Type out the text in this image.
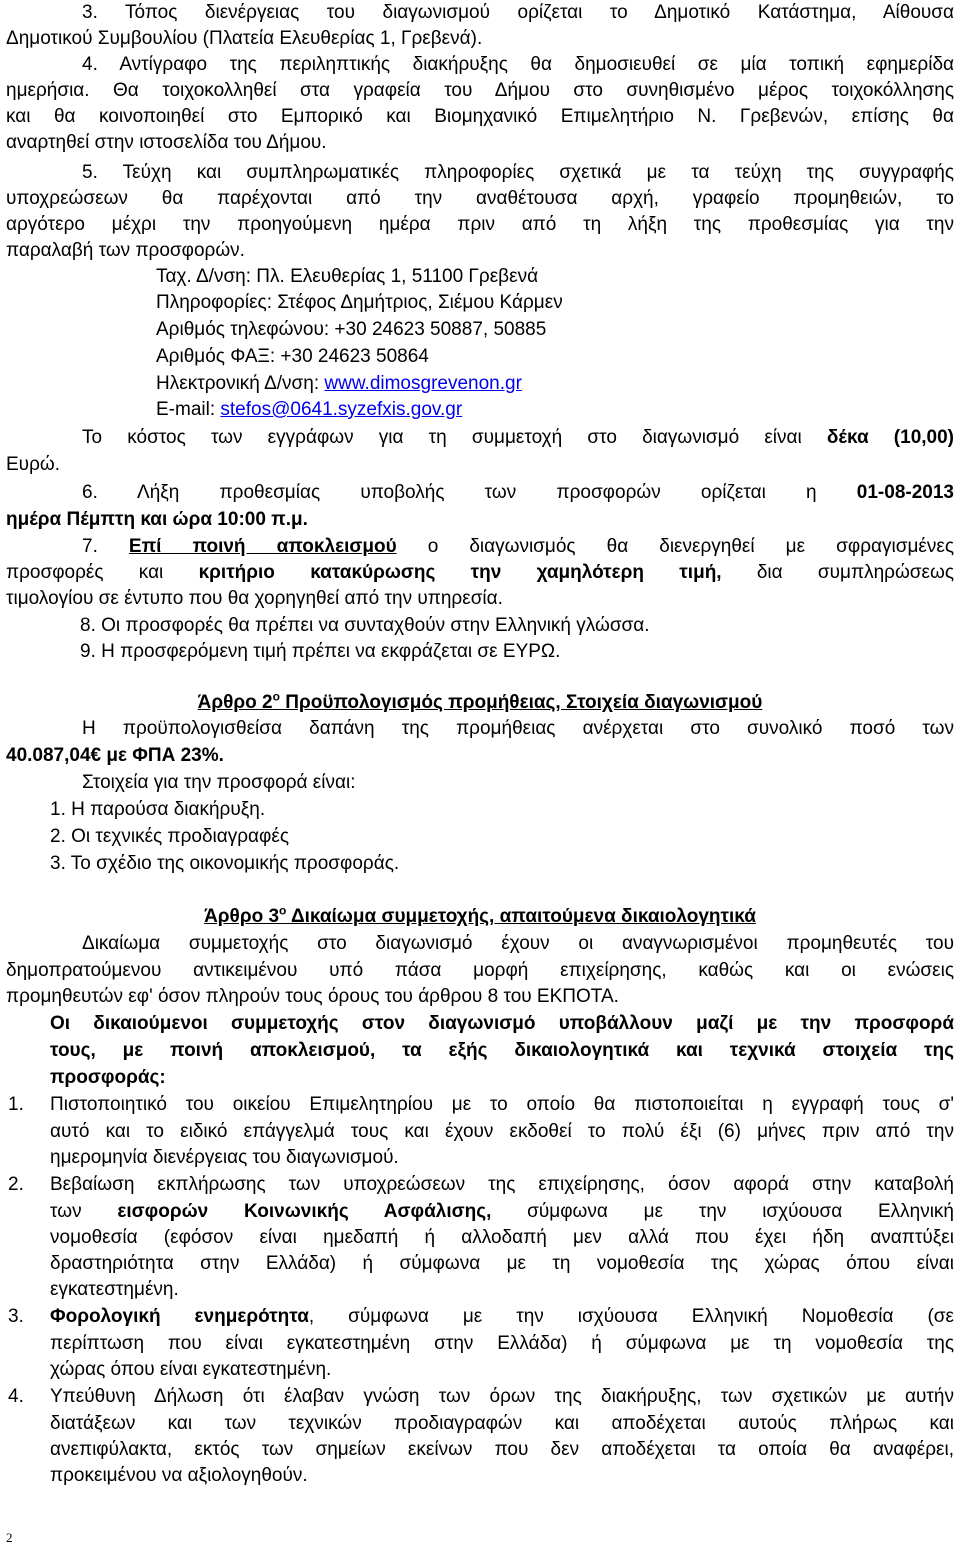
3. Τόπος διενέργειας του διαγωνισμού ορίζεται το Δημοτικό Κατάστημα, Αίθουσα
Δημοτικού Συμβουλίου (Πλατεία Ελευθερίας 1, Γρεβενά).
4. Αντίγραφο της περιληπτικής διακήρυξης θα δημοσιευθεί σε μία τοπική εφημερίδα
ημερήσια. Θα τοιχοκολληθεί στα γραφεία του Δήμου στο συνηθισμένο μέρος τοιχοκόλλησης
και θα κοινοποιηθεί στο Εμπορικό και Βιομηχανικό Επιμελητήριο Ν. Γρεβενών, επίσης θα
αναρτηθεί στην ιστοσελίδα του Δήμου.
5. Τεύχη και συμπληρωματικές πληροφορίες σχετικά με τα τεύχη της συγγραφής
υποχρεώσεων θα παρέχονται από την αναθέτουσα αρχή, γραφείο προμηθειών, το
αργότερο μέχρι την προηγούμενη ημέρα πριν από τη λήξη της προθεσμίας για την
παραλαβή των προσφορών.
Ταχ. Δ/νση: Πλ. Ελευθερίας 1, 51100 Γρεβενά
Πληροφορίες: Στέφος Δημήτριος, Σιέμου Κάρμεν
Αριθμός τηλεφώνου: +30 24623 50887, 50885
Αριθμός ΦΑΞ: +30 24623 50864
Ηλεκτρονική Δ/νση: www.dimosgrevenon.gr
E-mail: stefos@0641.syzefxis.gov.gr
Το κόστος των εγγράφων για τη συμμετοχή στο διαγωνισμό είναι δέκα (10,00)
Ευρώ.
6. Λήξη προθεσμίας υποβολής των προσφορών ορίζεται η 01-08-2013
ημέρα Πέμπτη και ώρα 10:00 π.μ.
7. Επί ποινή αποκλεισμού ο διαγωνισμός θα διενεργηθεί με σφραγισμένες
προσφορές και κριτήριο κατακύρωσης την χαμηλότερη τιμή, δια συμπληρώσεως
τιμολογίου σε έντυπο που θα χορηγηθεί από την υπηρεσία.
8. Οι προσφορές θα πρέπει να συνταχθούν στην Ελληνική γλώσσα.
9. Η προσφερόμενη τιμή πρέπει να εκφράζεται σε ΕΥΡΩ.
Άρθρο $2^o$ Προϋπολογισμός προμήθειας, Στοιχεία διαγωνισμού
Η προϋπολογισθείσα δαπάνη της προμήθειας ανέρχεται στο συνολικό ποσό των
40.087,04€ με ΦΠΑ 23%.
Στοιχεία για την προσφορά είναι:
1. Η παρούσα διακήρυξη.
2. Οι τεχνικές προδιαγραφές
3. Το σχέδιο της οικονομικής προσφοράς.
Άρθρο $3^o$ Δικαίωμα συμμετοχής, απαιτούμενα δικαιολογητικά
Δικαίωμα συμμετοχής στο διαγωνισμό έχουν οι αναγνωρισμένοι προμηθευτές του
δημοπρατούμενου αντικειμένου υπό πάσα μορφή επιχείρησης, καθώς και οι ενώσεις
προμηθευτών εφ' όσον πληρούν τους όρους του άρθρου 8 του ΕΚΠΟΤΑ.
Οι δικαιούμενοι συμμετοχής στον διαγωνισμό υποβάλλουν μαζί με την προσφορά
τους, με ποινή αποκλεισμού, τα εξής δικαιολογητικά και τεχνικά στοιχεία της
προσφοράς:
1. Πιστοποιητικό του οικείου Επιμελητηρίου με το οποίο θα πιστοποιείται η εγγραφή τους σ'
αυτό και το ειδικό επάγγελμά τους και έχουν εκδοθεί το πολύ έξι (6) μήνες πριν από την
ημερομηνία διενέργειας του διαγωνισμού.
2. Βεβαίωση εκπλήρωσης των υποχρεώσεων της επιχείρησης, όσον αφορά στην καταβολή
των εισφορών Κοινωνικής Ασφάλισης, σύμφωνα με την ισχύουσα Ελληνική
νομοθεσία (εφόσον είναι ημεδαπή ή αλλοδαπή μεν αλλά που έχει ήδη αναπτύξει
δραστηριότητα στην Ελλάδα) ή σύμφωνα με τη νομοθεσία της χώρας όπου είναι
εγκατεστημένη.
3. Φορολογική ενημερότητα, σύμφωνα με την ισχύουσα Ελληνική Νομοθεσία (σε
περίπτωση που είναι εγκατεστημένη στην Ελλάδα) ή σύμφωνα με τη νομοθεσία της
χώρας όπου είναι εγκατεστημένη.
4. Υπεύθυνη Δήλωση ότι έλαβαν γνώση των όρων της διακήρυξης, των σχετικών με αυτήν
διατάξεων και των τεχνικών προδιαγραφών και αποδέχεται αυτούς πλήρως και
ανεπιφύλακτα, εκτός των σημείων εκείνων που δεν αποδέχεται τα οποία θα αναφέρει,
προκειμένου να αξιολογηθούν.
2
